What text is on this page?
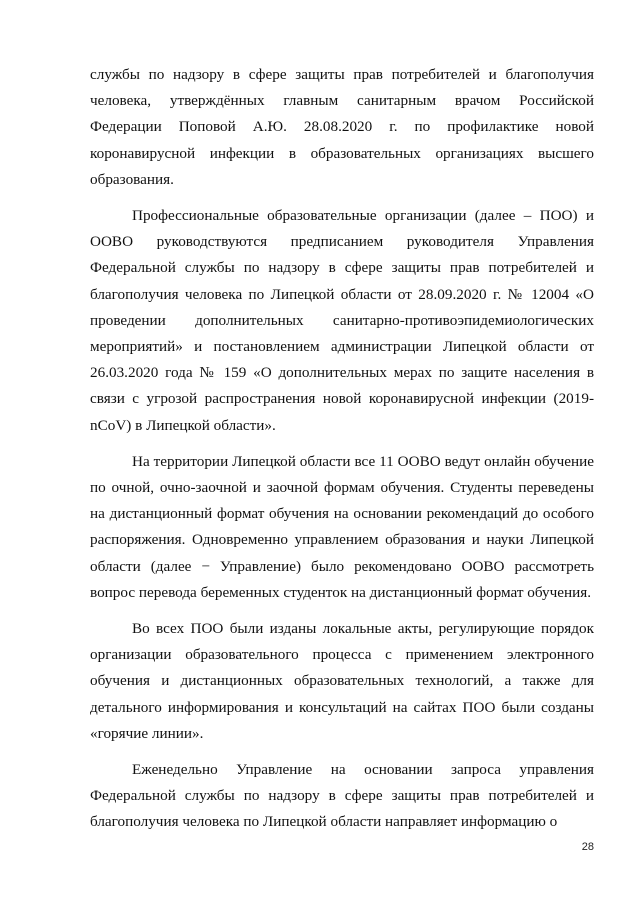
службы по надзору в сфере защиты прав потребителей и благополучия человека, утверждённых главным санитарным врачом Российской Федерации Поповой А.Ю. 28.08.2020 г. по профилактике новой коронавирусной инфекции в образовательных организациях высшего образования.

Профессиональные образовательные организации (далее – ПОО) и ООВО руководствуются предписанием руководителя Управления Федеральной службы по надзору в сфере защиты прав потребителей и благополучия человека по Липецкой области от 28.09.2020 г. № 12004 «О проведении дополнительных санитарно-противоэпидемиологических мероприятий» и постановлением администрации Липецкой области от 26.03.2020 года № 159 «О дополнительных мерах по защите населения в связи с угрозой распространения новой коронавирусной инфекции (2019-nCoV) в Липецкой области».

На территории Липецкой области все 11 ООВО ведут онлайн обучение по очной, очно-заочной и заочной формам обучения. Студенты переведены на дистанционный формат обучения на основании рекомендаций до особого распоряжения. Одновременно управлением образования и науки Липецкой области (далее − Управление) было рекомендовано ООВО рассмотреть вопрос перевода беременных студенток на дистанционный формат обучения.

Во всех ПОО были изданы локальные акты, регулирующие порядок организации образовательного процесса с применением электронного обучения и дистанционных образовательных технологий, а также для детального информирования и консультаций на сайтах ПОО были созданы «горячие линии».

Еженедельно Управление на основании запроса управления Федеральной службы по надзору в сфере защиты прав потребителей и благополучия человека по Липецкой области направляет информацию о

28
